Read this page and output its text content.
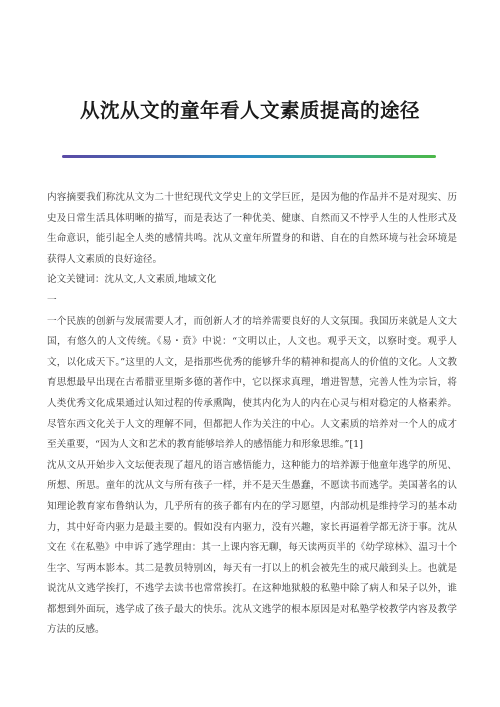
从沈从文的童年看人文素质提高的途径

内容摘要我们称沈从文为二十世纪现代文学史上的文学巨匠，是因为他的作品并不是对现实、历史及日常生活具体明晰的描写，而是表达了一种优美、健康、自然而又不悖乎人生的人性形式及生命意识，能引起全人类的感情共鸣。沈从文童年所置身的和谐、自在的自然环境与社会环境是获得人文素质的良好途径。

论文关键词：沈从文,人文素质,地域文化

一

一个民族的创新与发展需要人才，而创新人才的培养需要良好的人文氛围。我国历来就是人文大国，有悠久的人文传统。《易・贲》中说：“文明以止，人文也。观乎天文，以察时变。观乎人文，以化成天下。”这里的人文，是指那些优秀的能够升华的精神和提高人的价值的文化。人文教育思想最早出现在古希腊亚里斯多德的著作中，它以探求真理，增进智慧，完善人性为宗旨，将人类优秀文化成果通过认知过程的传承熏陶，使其内化为人的内在心灵与相对稳定的人格素养。尽管东西文化关于人文的理解不同，但都把人作为关注的中心。人文素质的培养对一个人的成才至关重要，“因为人文和艺术的教育能够培养人的感悟能力和形象思维。”[1]

沈从文从开始步入文坛便表现了超凡的语言感悟能力，这种能力的培养源于他童年逃学的所见、所想、所思。童年的沈从文与所有孩子一样，并不是天生愚蠢，不愿读书而逃学。美国著名的认知理论教育家布鲁纳认为，几乎所有的孩子都有内在的学习愿望，内部动机是维持学习的基本动力，其中好奇内驱力是最主要的。假如没有内驱力，没有兴趣，家长再逼着学都无济于事。沈从文在《在私塾》中申诉了逃学理由：其一上课内容无聊，每天读两页半的《幼学琼林》、温习十个生字、写两本影本。其二是教员特别凶，每天有一打以上的机会被先生的戒尺敲到头上。也就是说沈从文逃学挨打，不逃学去读书也常常挨打。在这种地狱般的私塾中除了病人和呆子以外，谁都想到外面玩，逃学成了孩子最大的快乐。沈从文逃学的根本原因是对私塾学校教学内容及教学方法的反感。
